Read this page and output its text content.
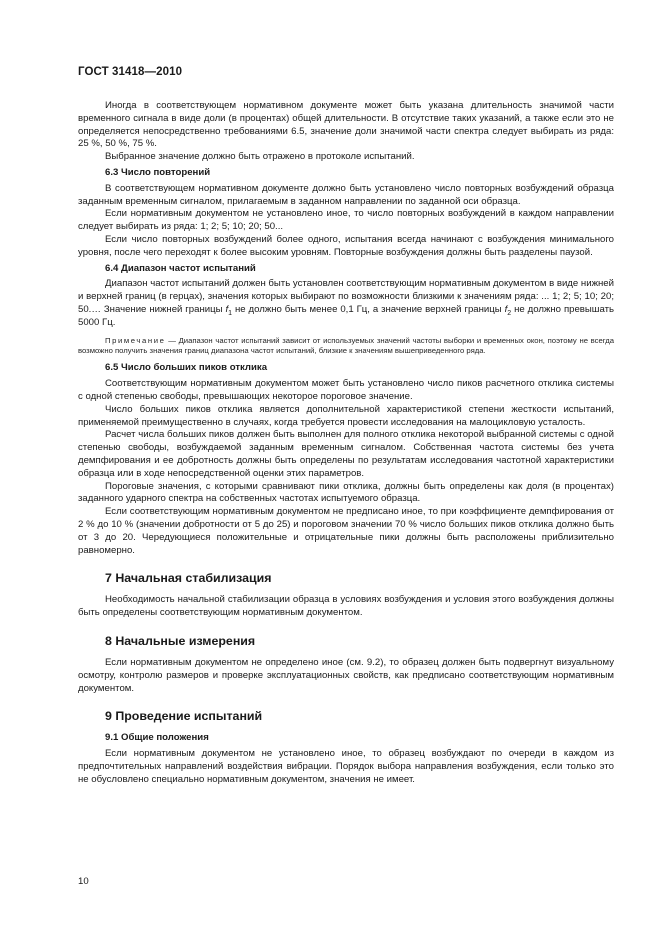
ГОСТ 31418—2010

Иногда в соответствующем нормативном документе может быть указана длительность значимой части временного сигнала в виде доли (в процентах) общей длительности. В отсутствие таких указаний, а также если это не определяется непосредственно требованиями 6.5, значение доли значимой части спектра следует выбирать из ряда: 25 %, 50 %, 75 %.

Выбранное значение должно быть отражено в протоколе испытаний.

6.3 Число повторений

В соответствующем нормативном документе должно быть установлено число повторных возбуждений образца заданным временным сигналом, прилагаемым в заданном направлении по заданной оси образца.

Если нормативным документом не установлено иное, то число повторных возбуждений в каждом направлении следует выбирать из ряда: 1; 2; 5; 10; 20; 50...

Если число повторных возбуждений более одного, испытания всегда начинают с возбуждения минимального уровня, после чего переходят к более высоким уровням. Повторные возбуждения должны быть разделены паузой.

6.4 Диапазон частот испытаний

Диапазон частот испытаний должен быть установлен соответствующим нормативным документом в виде нижней и верхней границ (в герцах), значения которых выбирают по возможности близкими к значениям ряда: ... 1; 2; 5; 10; 20; 50.… Значение нижней границы $f_1$ не должно быть менее 0,1 Гц, а значение верхней границы $f_2$ не должно превышать 5000 Гц.

Примечание — Диапазон частот испытаний зависит от используемых значений частоты выборки и временных окон, поэтому не всегда возможно получить значения границ диапазона частот испытаний, близкие к значениям вышеприведенного ряда.
6.5 Число больших пиков отклика

Соответствующим нормативным документом может быть установлено число пиков расчетного отклика системы с одной степенью свободы, превышающих некоторое пороговое значение.

Число больших пиков отклика является дополнительной характеристикой степени жесткости испытаний, применяемой преимущественно в случаях, когда требуется провести исследования на малоцикловую усталость.

Расчет числа больших пиков должен быть выполнен для полного отклика некоторой выбранной системы с одной степенью свободы, возбуждаемой заданным временным сигналом. Собственная частота системы без учета демпфирования и ее добротность должны быть определены по результатам исследования частотной характеристики образца или в ходе непосредственной оценки этих параметров.

Пороговые значения, с которыми сравнивают пики отклика, должны быть определены как доля (в процентах) заданного ударного спектра на собственных частотах испытуемого образца.

Если соответствующим нормативным документом не предписано иное, то при коэффициенте демпфирования от 2 % до 10 % (значении добротности от 5 до 25) и пороговом значении 70 % число больших пиков отклика должно быть от 3 до 20. Чередующиеся положительные и отрицательные пики должны быть расположены приблизительно равномерно.

7 Начальная стабилизация

Необходимость начальной стабилизации образца в условиях возбуждения и условия этого возбуждения должны быть определены соответствующим нормативным документом.

8 Начальные измерения

Если нормативным документом не определено иное (см. 9.2), то образец должен быть подвергнут визуальному осмотру, контролю размеров и проверке эксплуатационных свойств, как предписано соответствующим нормативным документом.

9 Проведение испытаний
9.1 Общие положения

Если нормативным документом не установлено иное, то образец возбуждают по очереди в каждом из предпочтительных направлений воздействия вибрации. Порядок выбора направления возбуждения, если только это не обусловлено специально нормативным документом, значения не имеет.

10
